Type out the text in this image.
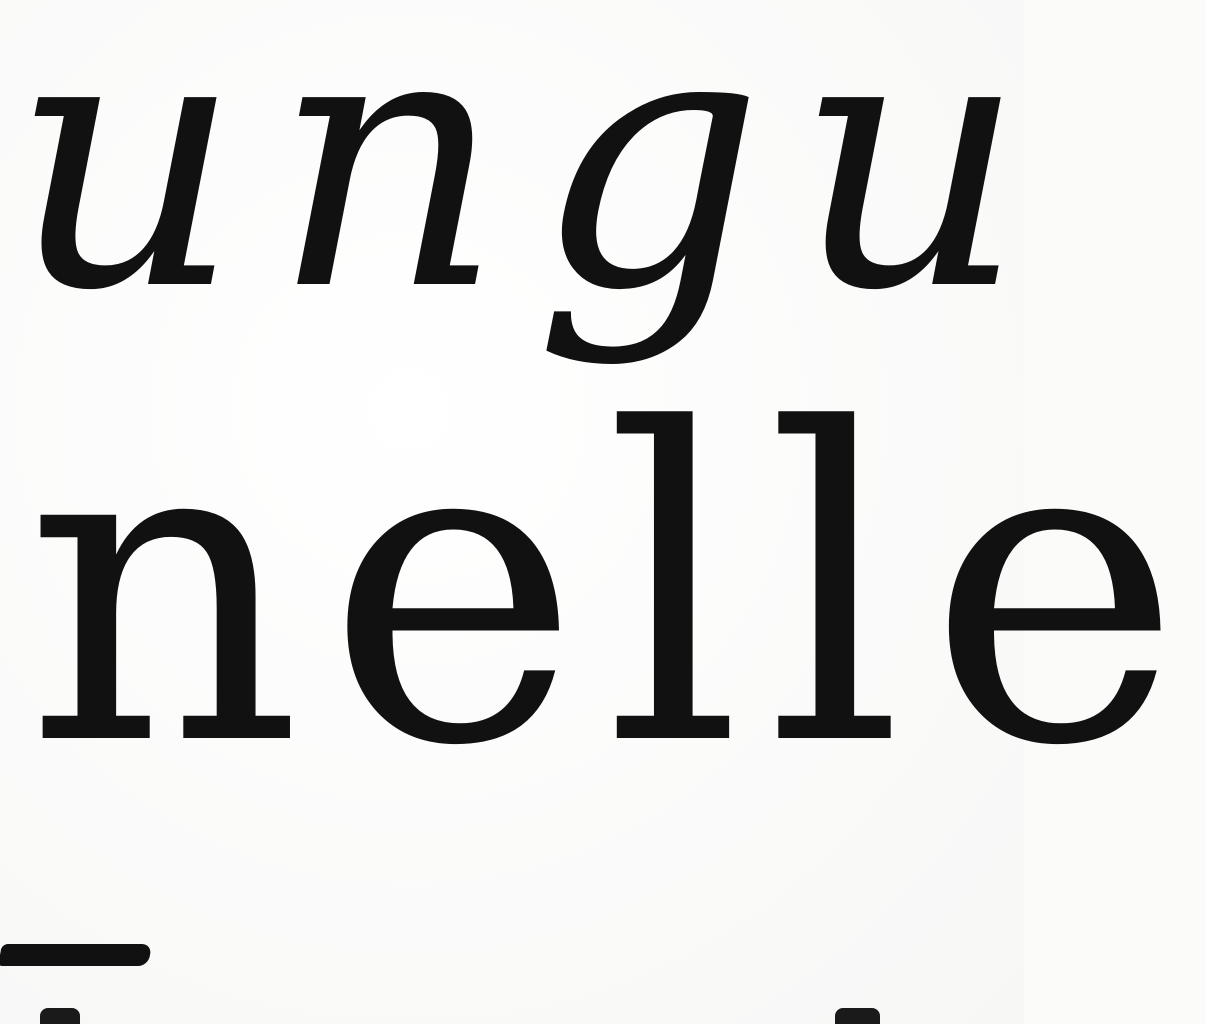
ungu
nelle
